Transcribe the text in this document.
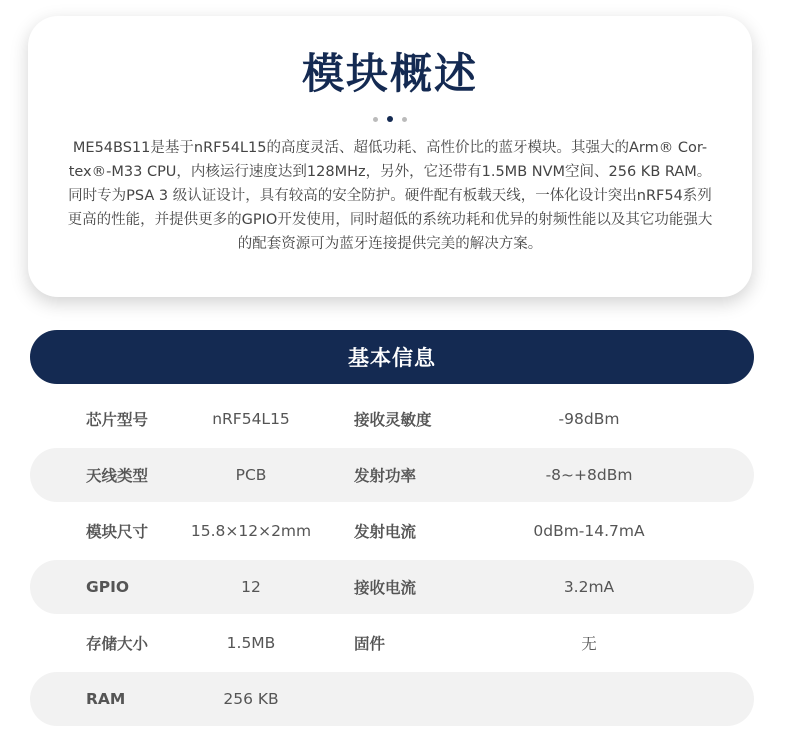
模块概述

ME54BS11是基于nRF54L15的高度灵活、超低功耗、高性价比的蓝牙模块。其强大的Arm® Cor-tex®-M33 CPU，内核运行速度达到128MHz，另外，它还带有1.5MB NVM空间、256 KB RAM。同时专为PSA 3 级认证设计，具有较高的安全防护。硬件配有板载天线，一体化设计突出nRF54系列更高的性能，并提供更多的GPIO开发使用，同时超低的系统功耗和优异的射频性能以及其它功能强大的配套资源可为蓝牙连接提供完美的解决方案。

基本信息
芯片型号	nRF54L15	接收灵敏度	-98dBm
天线类型	PCB	发射功率	-8~+8dBm
模块尺寸	15.8×12×2mm	发射电流	0dBm-14.7mA
GPIO	12	接收电流	3.2mA
存储大小	1.5MB	固件	无
RAM	256 KB
